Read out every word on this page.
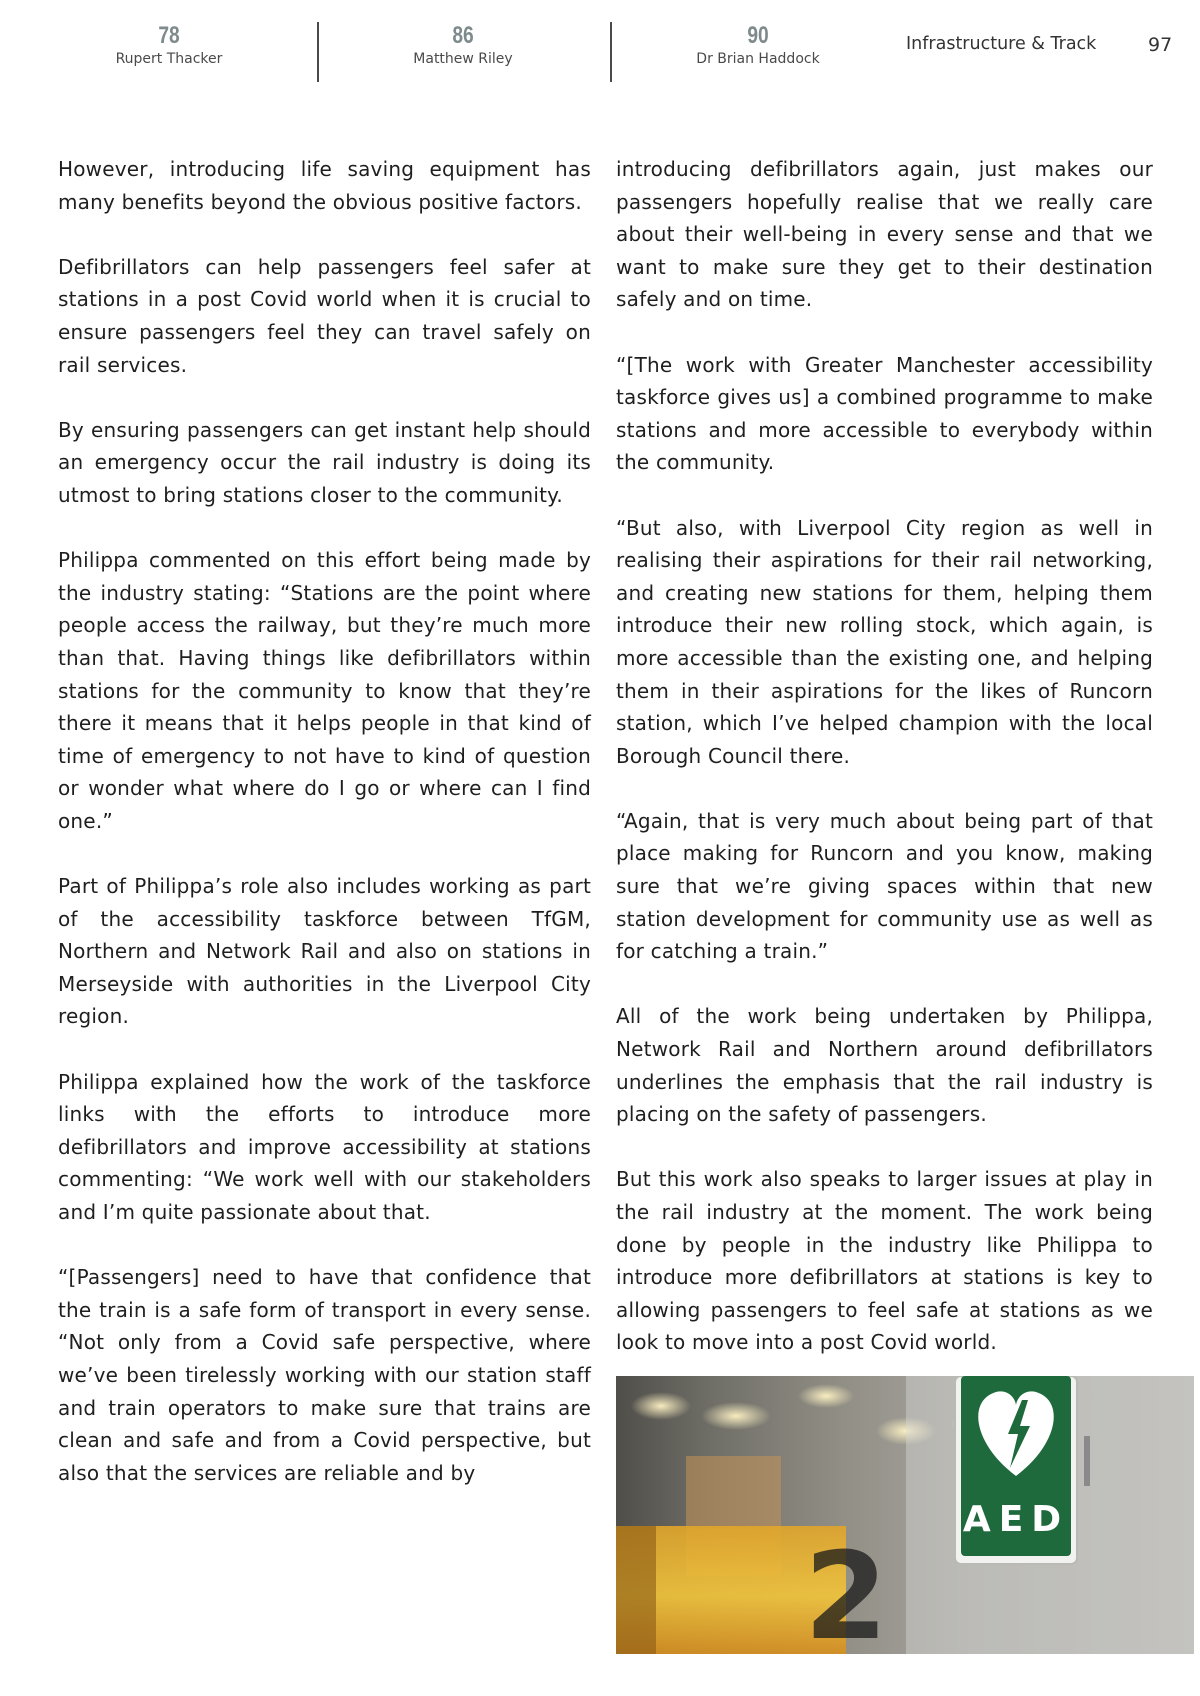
78
Rupert Thacker
86
Matthew Riley
90
Dr Brian Haddock
Infrastructure & Track	97

However, introducing life saving equipment has many benefits beyond the obvious positive factors.

Defibrillators can help passengers feel safer at stations in a post Covid world when it is crucial to ensure passengers feel they can travel safely on rail services.

By ensuring passengers can get instant help should an emergency occur the rail industry is doing its utmost to bring stations closer to the community.

Philippa commented on this effort being made by the industry stating: “Stations are the point where people access the railway, but they’re much more than that. Having things like defibrillators within stations for the community to know that they’re there it means that it helps people in that kind of time of emergency to not have to kind of question or wonder what where do I go or where can I find one.”

Part of Philippa’s role also includes working as part of the accessibility taskforce between TfGM, Northern and Network Rail and also on stations in Merseyside with authorities in the Liverpool City region.

Philippa explained how the work of the taskforce links with the efforts to introduce more defibrillators and improve accessibility at stations commenting: “We work well with our stakeholders and I’m quite passionate about that.

“[Passengers] need to have that confidence that the train is a safe form of transport in every sense. “Not only from a Covid safe perspective, where we’ve been tirelessly working with our station staff and train operators to make sure that trains are clean and safe and from a Covid perspective, but also that the services are reliable and by

introducing defibrillators again, just makes our passengers hopefully realise that we really care about their well-being in every sense and that we want to make sure they get to their destination safely and on time.

“[The work with Greater Manchester accessibility taskforce gives us] a combined programme to make stations and more accessible to everybody within the community.

“But also, with Liverpool City region as well in realising their aspirations for their rail networking, and creating new stations for them, helping them introduce their new rolling stock, which again, is more accessible than the existing one, and helping them in their aspirations for the likes of Runcorn station, which I’ve helped champion with the local Borough Council there.

“Again, that is very much about being part of that place making for Runcorn and you know, making sure that we’re giving spaces within that new station development for community use as well as for catching a train.”

All of the work being undertaken by Philippa, Network Rail and Northern around defibrillators underlines the emphasis that the rail industry is placing on the safety of passengers.

But this work also speaks to larger issues at play in the rail industry at the moment. The work being done by people in the industry like Philippa to introduce more defibrillators at stations is key to allowing passengers to feel safe at stations as we look to move into a post Covid world.

2
AED
